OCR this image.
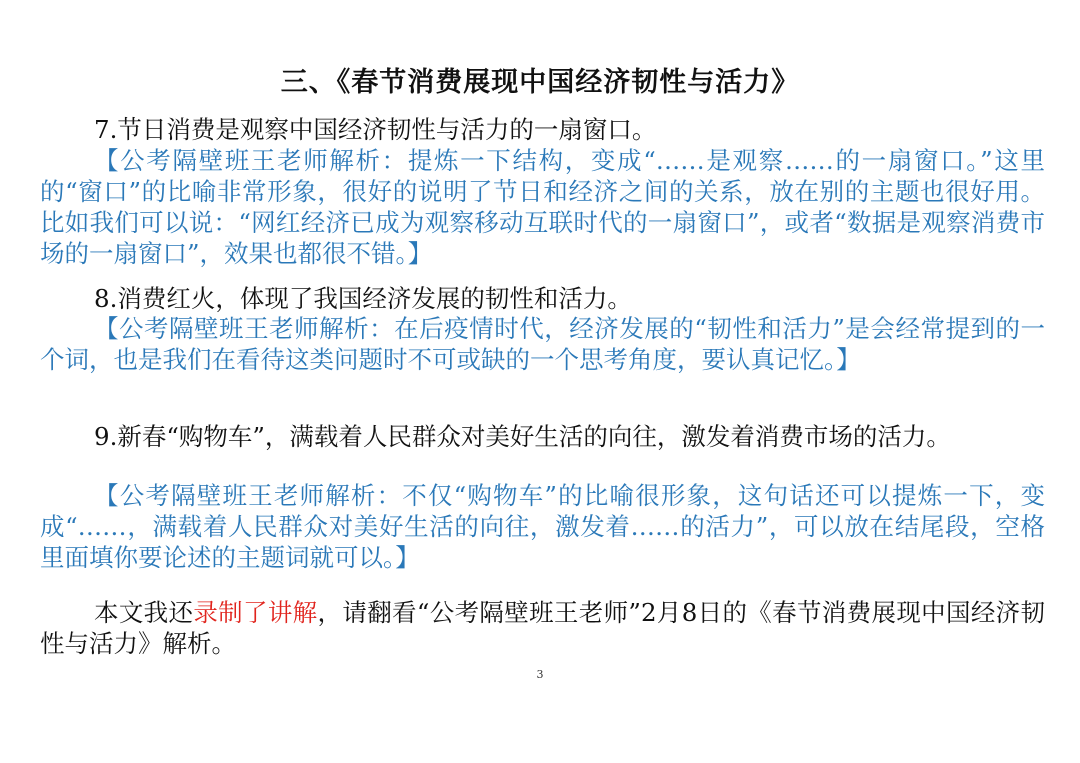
三、《春节消费展现中国经济韧性与活力》

7.节日消费是观察中国经济韧性与活力的一扇窗口。

【公考隔壁班王老师解析：提炼一下结构，变成“……是观察……的一扇窗口。”这里的“窗口”的比喻非常形象，很好的说明了节日和经济之间的关系，放在别的主题也很好用。比如我们可以说：“网红经济已成为观察移动互联时代的一扇窗口”，或者“数据是观察消费市场的一扇窗口”，效果也都很不错。】

8.消费红火，体现了我国经济发展的韧性和活力。

【公考隔壁班王老师解析：在后疫情时代，经济发展的“韧性和活力”是会经常提到的一个词，也是我们在看待这类问题时不可或缺的一个思考角度，要认真记忆。】

9.新春“购物车”，满载着人民群众对美好生活的向往，激发着消费市场的活力。

【公考隔壁班王老师解析：不仅“购物车”的比喻很形象，这句话还可以提炼一下，变成“……，满载着人民群众对美好生活的向往，激发着……的活力”，可以放在结尾段，空格里面填你要论述的主题词就可以。】

本文我还录制了讲解，请翻看“公考隔壁班王老师”2月8日的《春节消费展现中国经济韧性与活力》解析。

3
